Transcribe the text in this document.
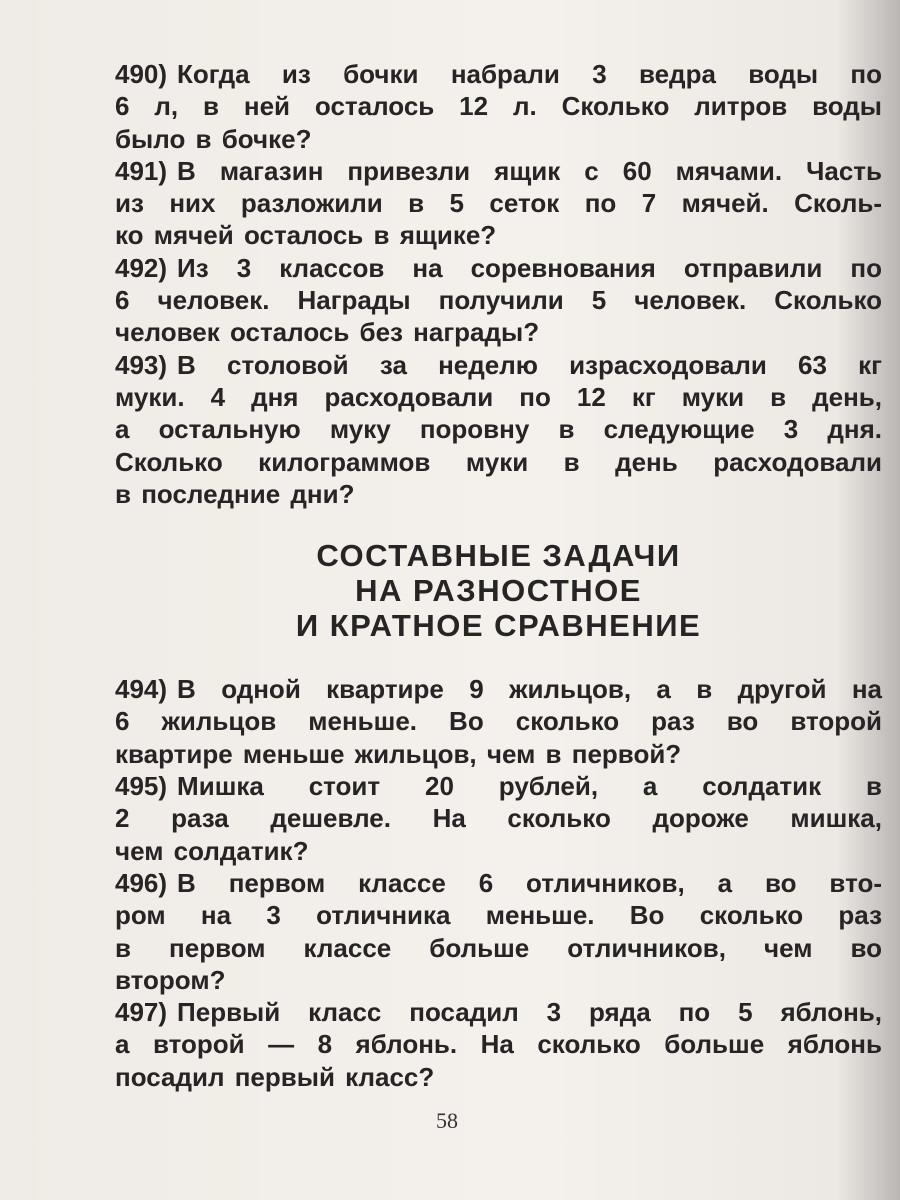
490) Когда из бочки набрали 3 ведра воды по
6 л, в ней осталось 12 л. Сколько литров воды
было в бочке?
491) В магазин привезли ящик с 60 мячами. Часть
из них разложили в 5 сеток по 7 мячей. Сколь-
ко мячей осталось в ящике?
492) Из 3 классов на соревнования отправили по
6 человек. Награды получили 5 человек. Сколько
человек осталось без награды?
493) В столовой за неделю израсходовали 63 кг
муки. 4 дня расходовали по 12 кг муки в день,
а остальную муку поровну в следующие 3 дня.
Сколько килограммов муки в день расходовали
в последние дни?
СОСТАВНЫЕ ЗАДАЧИ
НА РАЗНОСТНОЕ
И КРАТНОЕ СРАВНЕНИЕ
494) В одной квартире 9 жильцов, а в другой на
6 жильцов меньше. Во сколько раз во второй
квартире меньше жильцов, чем в первой?
495) Мишка стоит 20 рублей, а солдатик в
2 раза дешевле. На сколько дороже мишка,
чем солдатик?
496) В первом классе 6 отличников, а во вто-
ром на 3 отличника меньше. Во сколько раз
в первом классе больше отличников, чем во
втором?
497) Первый класс посадил 3 ряда по 5 яблонь,
а второй — 8 яблонь. На сколько больше яблонь
посадил первый класс?
58
